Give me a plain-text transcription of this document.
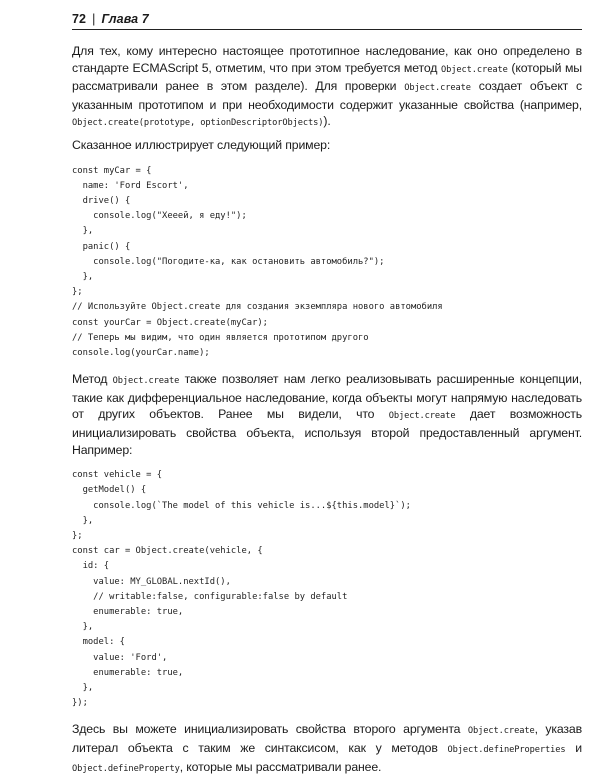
72 | Глава 7

Для тех, кому интересно настоящее прототипное наследование, как оно определено в стандарте ECMAScript 5, отметим, что при этом требуется метод Object.create (который мы рассматривали ранее в этом разделе). Для проверки Object.create создает объект с указанным прототипом и при необходимости содержит указанные свойства (например, Object.create(prototype, optionDescriptorObjects)).

Сказанное иллюстрирует следующий пример:

const myCar = {
name: 'Ford Escort',
drive() {
console.log("Хееей, я еду!");
},
panic() {
console.log("Погодите-ка, как остановить автомобиль?");
},
};
// Используйте Object.create для создания экземпляра нового автомобиля
const yourCar = Object.create(myCar);
// Теперь мы видим, что один является прототипом другого
console.log(yourCar.name);

Метод Object.create также позволяет нам легко реализовывать расширенные концепции, такие как дифференциальное наследование, когда объекты могут напрямую наследовать от других объектов. Ранее мы видели, что Object.create дает возможность инициализировать свойства объекта, используя второй предоставленный аргумент. Например:

const vehicle = {
getModel() {
console.log(`The model of this vehicle is...${this.model}`);
},
};
const car = Object.create(vehicle, {
id: {
value: MY_GLOBAL.nextId(),
// writable:false, configurable:false by default
enumerable: true,
},
model: {
value: 'Ford',
enumerable: true,
},
});

Здесь вы можете инициализировать свойства второго аргумента Object.create, указав литерал объекта с таким же синтаксисом, как у методов Object.defineProperties и Object.defineProperty, которые мы рассматривали ранее.
